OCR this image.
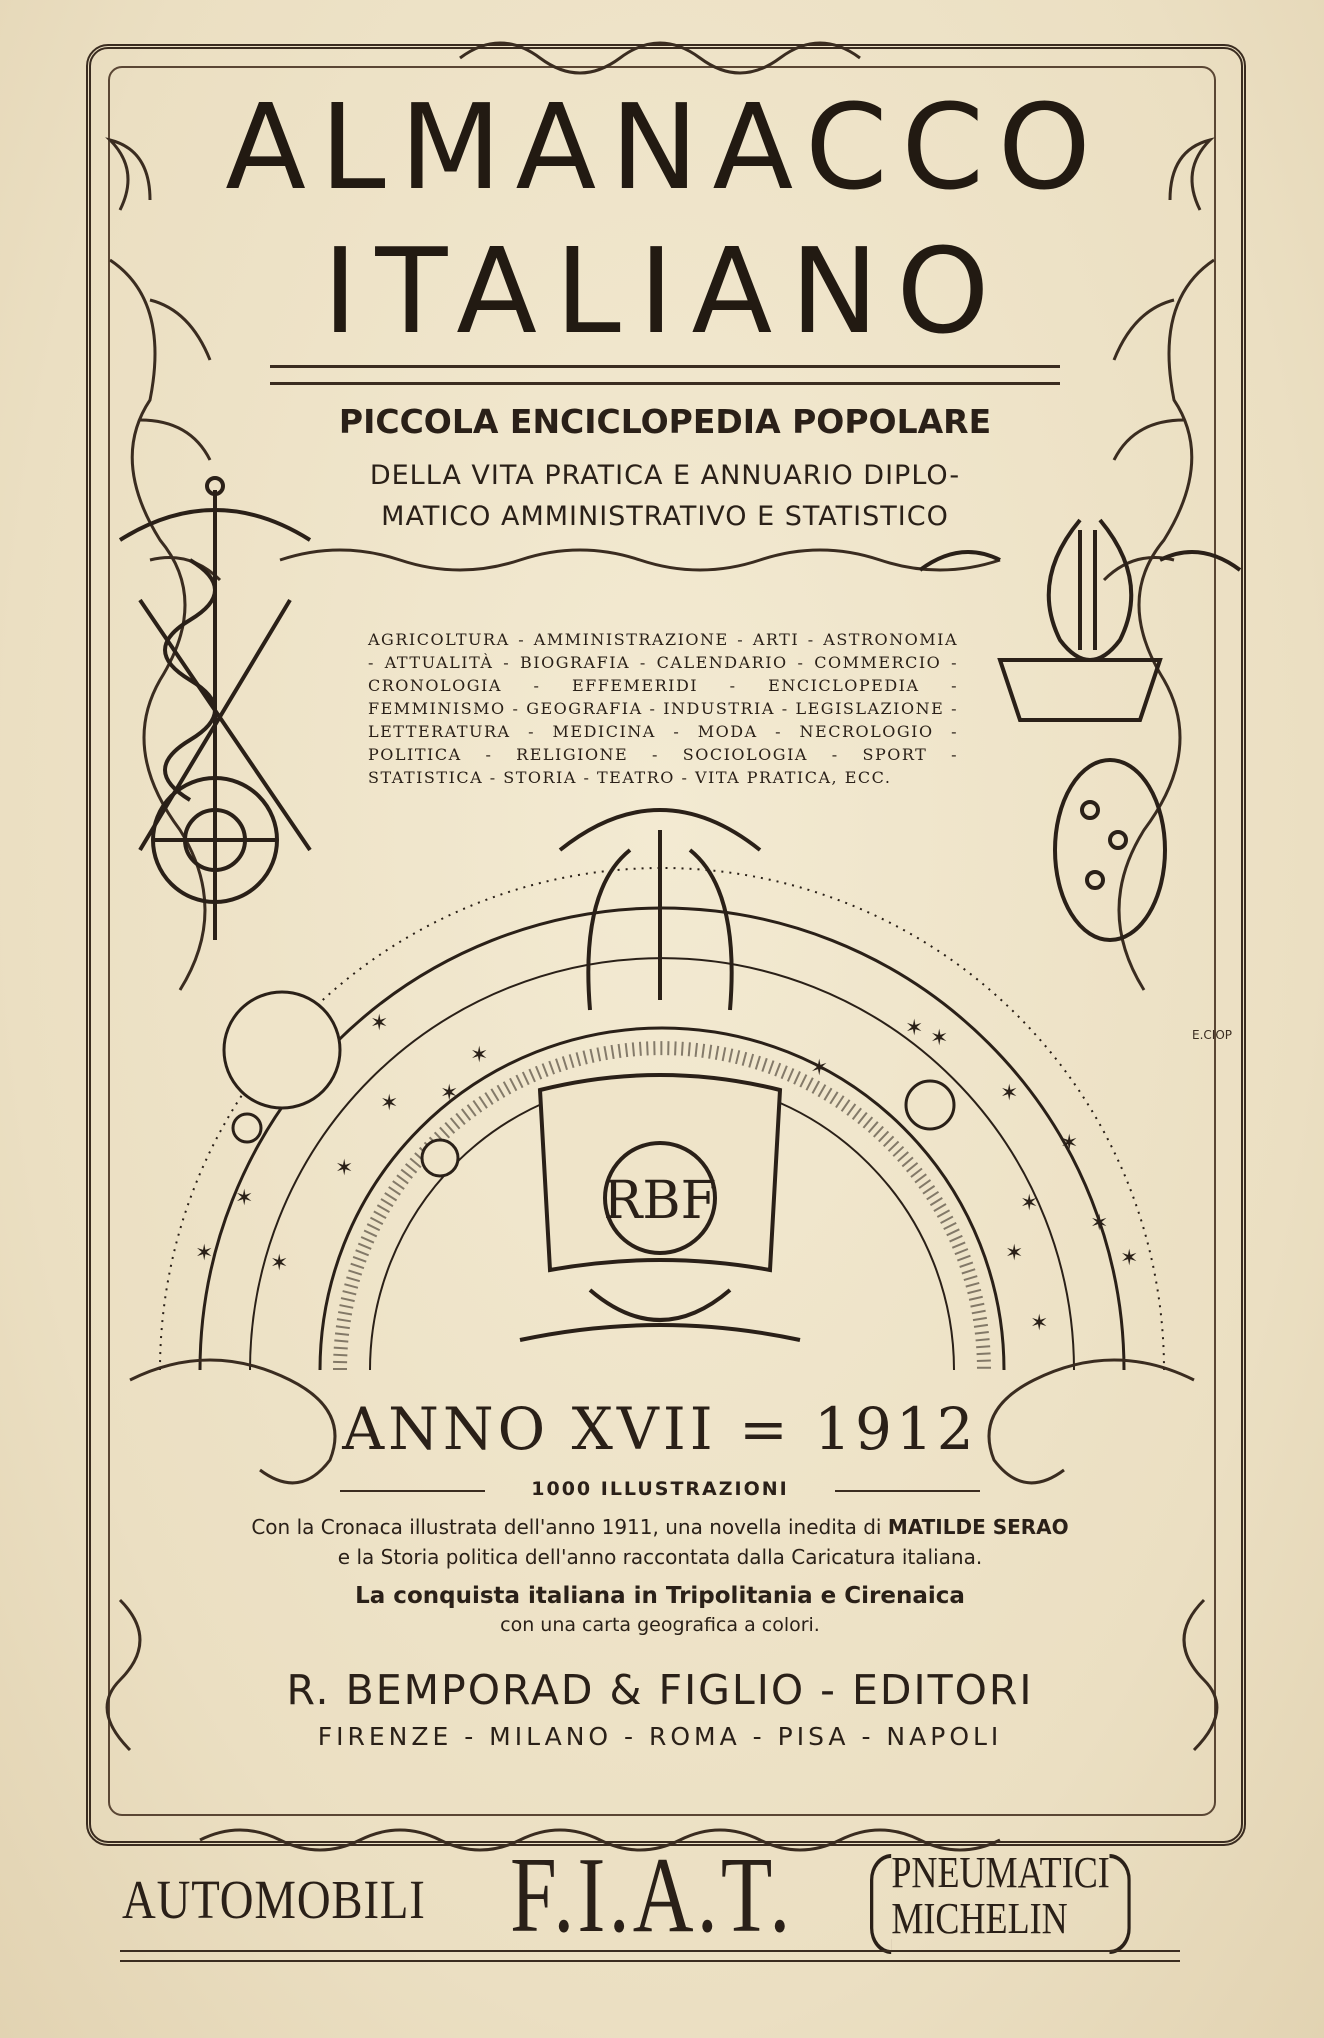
✶
✶
✶
✶
✶	✶
✶
✶ ✶
✶
✶
✶
✶
✶
✶	✶
✶
✶	RBF
ALMANACCO
ITALIANO
PICCOLA ENCICLOPEDIA POPOLARE
DELLA VITA PRATICA E ANNUARIO DIPLO-
MATICO AMMINISTRATIVO E STATISTICO
AGRICOLTURA - AMMINISTRAZIONE - ARTI - ASTRONOMIA - ATTUALITÀ - BIOGRAFIA - CALENDARIO - COMMERCIO - CRONOLOGIA - EFFEMERIDI - ENCICLOPEDIA - FEMMINISMO - GEOGRAFIA - INDUSTRIA - LEGISLAZIONE - LETTERATURA - MEDICINA - MODA - NECROLOGIO - POLITICA - RELIGIONE - SOCIOLOGIA - SPORT - STATISTICA - STORIA - TEATRO - VITA PRATICA, ECC.
E.CIOP
ANNO XVII = 1912
1000 ILLUSTRAZIONI
Con la Cronaca illustrata dell'anno 1911, una novella inedita di MATILDE SERAO
e la Storia politica dell'anno raccontata dalla Caricatura italiana.
La conquista italiana in Tripolitania e Cirenaica
con una carta geografica a colori.
R. BEMPORAD & FIGLIO - EDITORI
FIRENZE - MILANO - ROMA - PISA - NAPOLI
AUTOMOBILI F.I.A.T. PNEUMATICI
MICHELIN
